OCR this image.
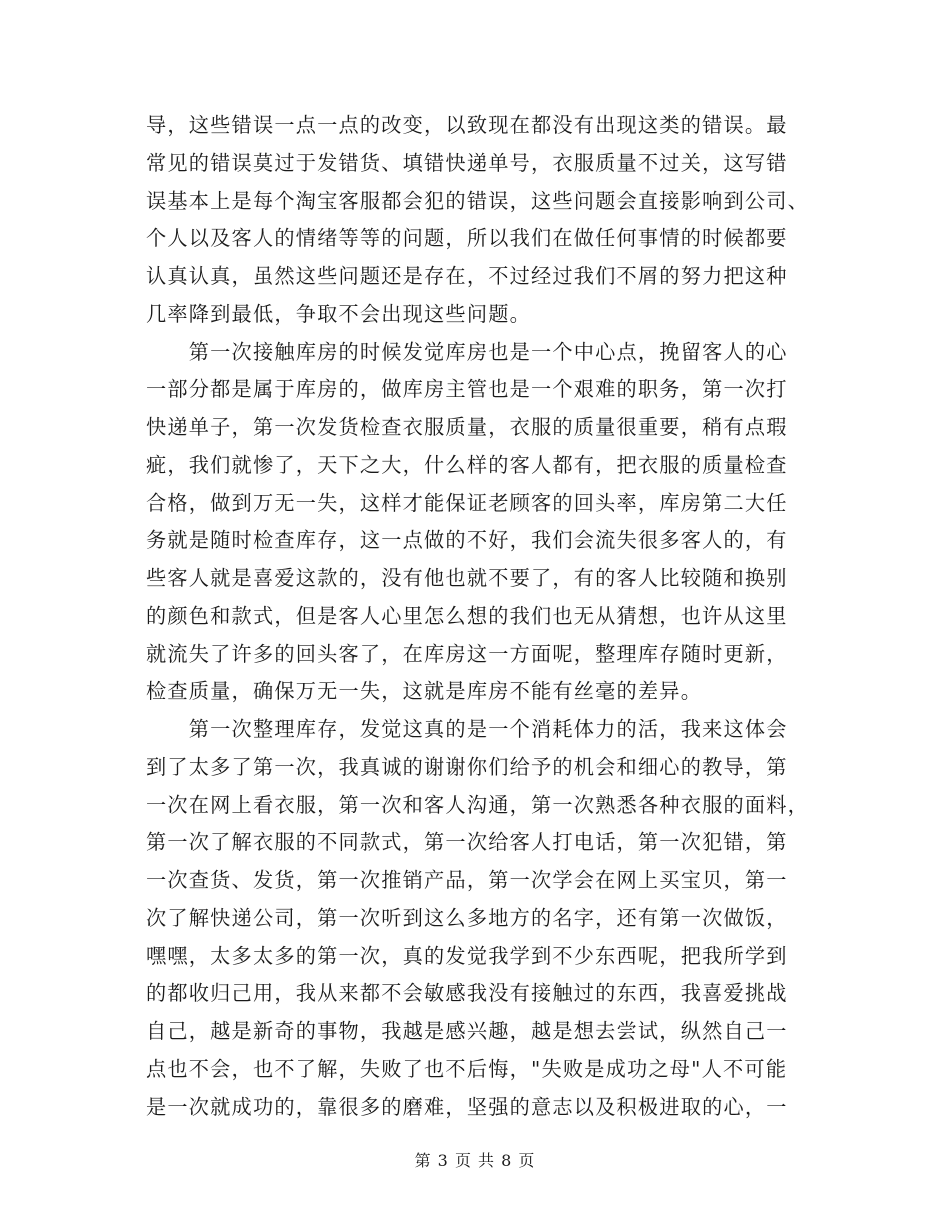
导，这些错误一点一点的改变，以致现在都没有出现这类的错误。最
常见的错误莫过于发错货、填错快递单号，衣服质量不过关，这写错
误基本上是每个淘宝客服都会犯的错误，这些问题会直接影响到公司、
个人以及客人的情绪等等的问题，所以我们在做任何事情的时候都要
认真认真，虽然这些问题还是存在，不过经过我们不屑的努力把这种
几率降到最低，争取不会出现这些问题。
　　第一次接触库房的时候发觉库房也是一个中心点，挽留客人的心
一部分都是属于库房的，做库房主管也是一个艰难的职务，第一次打
快递单子，第一次发货检查衣服质量，衣服的质量很重要，稍有点瑕
疵，我们就惨了，天下之大，什么样的客人都有，把衣服的质量检查
合格，做到万无一失，这样才能保证老顾客的回头率，库房第二大任
务就是随时检查库存，这一点做的不好，我们会流失很多客人的，有
些客人就是喜爱这款的，没有他也就不要了，有的客人比较随和换别
的颜色和款式，但是客人心里怎么想的我们也无从猜想，也许从这里
就流失了许多的回头客了，在库房这一方面呢，整理库存随时更新，
检查质量，确保万无一失，这就是库房不能有丝毫的差异。
　　第一次整理库存，发觉这真的是一个消耗体力的活，我来这体会
到了太多了第一次，我真诚的谢谢你们给予的机会和细心的教导，第
一次在网上看衣服，第一次和客人沟通，第一次熟悉各种衣服的面料，
第一次了解衣服的不同款式，第一次给客人打电话，第一次犯错，第
一次查货、发货，第一次推销产品，第一次学会在网上买宝贝，第一
次了解快递公司，第一次听到这么多地方的名字，还有第一次做饭，
嘿嘿，太多太多的第一次，真的发觉我学到不少东西呢，把我所学到
的都收归己用，我从来都不会敏感我没有接触过的东西，我喜爱挑战
自己，越是新奇的事物，我越是感兴趣，越是想去尝试，纵然自己一
点也不会，也不了解，失败了也不后悔，"失败是成功之母"人不可能
是一次就成功的，靠很多的磨难，坚强的意志以及积极进取的心，一
第 3 页 共 8 页
